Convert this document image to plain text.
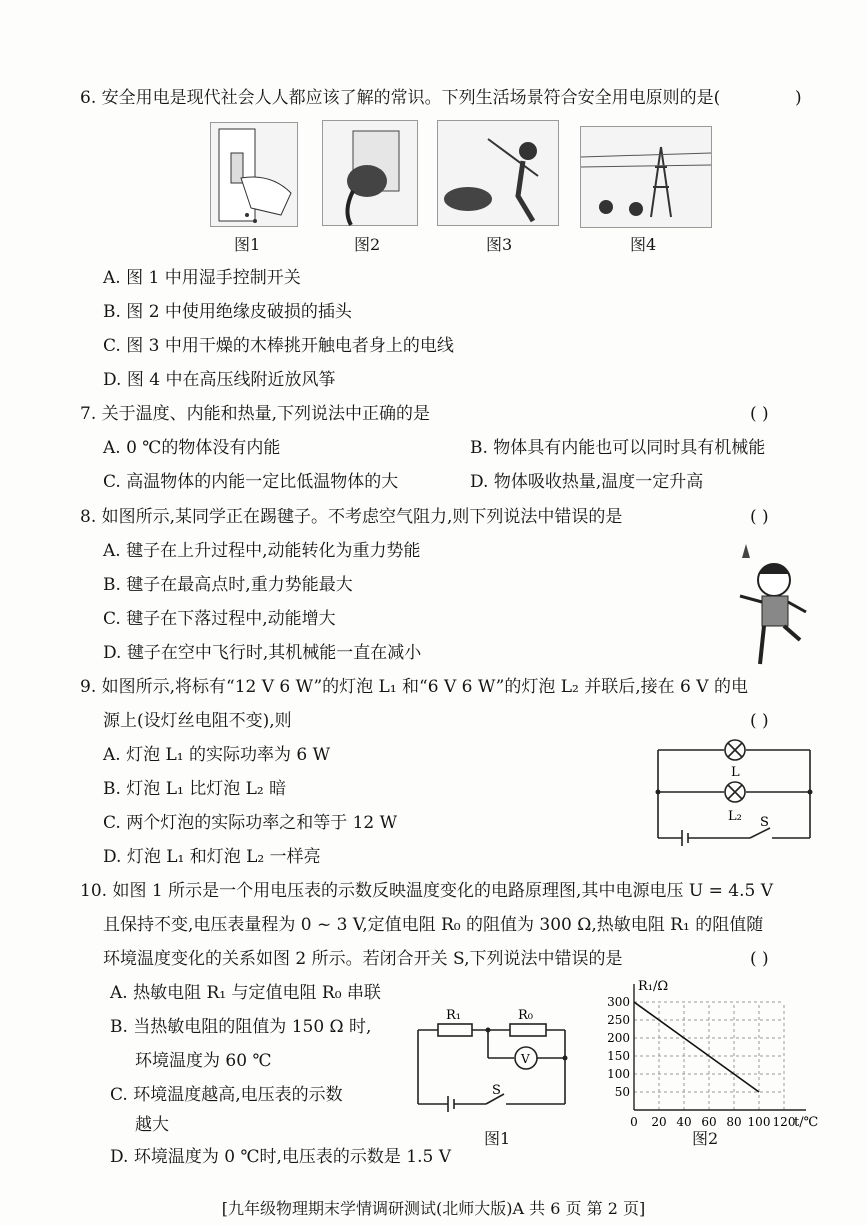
6. 安全用电是现代社会人人都应该了解的常识。下列生活场景符合安全用电原则的是(	)
图1	图2	图3	图4
A. 图 1 中用湿手控制开关
B. 图 2 中使用绝缘皮破损的插头
C. 图 3 中用干燥的木棒挑开触电者身上的电线
D. 图 4 中在高压线附近放风筝
7. 关于温度、内能和热量,下列说法中正确的是	( )
A. 0 ℃的物体没有内能	B. 物体具有内能也可以同时具有机械能
C. 高温物体的内能一定比低温物体的大	D. 物体吸收热量,温度一定升高
8. 如图所示,某同学正在踢毽子。不考虑空气阻力,则下列说法中错误的是	( )
A. 毽子在上升过程中,动能转化为重力势能
B. 毽子在最高点时,重力势能最大
C. 毽子在下落过程中,动能增大
D. 毽子在空中飞行时,其机械能一直在减小
9. 如图所示,将标有“12 V 6 W”的灯泡 L₁ 和“6 V 6 W”的灯泡 L₂ 并联后,接在 6 V 的电
源上(设灯丝电阻不变),则	( )
A. 灯泡 L₁ 的实际功率为 6 W
B. 灯泡 L₁ 比灯泡 L₂ 暗
C. 两个灯泡的实际功率之和等于 12 W
D. 灯泡 L₁ 和灯泡 L₂ 一样亮
L
L₂ S
10. 如图 1 所示是一个用电压表的示数反映温度变化的电路原理图,其中电源电压 U = 4.5 V
且保持不变,电压表量程为 0 ~ 3 V,定值电阻 R₀ 的阻值为 300 Ω,热敏电阻 R₁ 的阻值随
环境温度变化的关系如图 2 所示。若闭合开关 S,下列说法中错误的是	( )
A. 热敏电阻 R₁ 与定值电阻 R₀ 串联
B. 当热敏电阻的阻值为 150 Ω 时,
环境温度为 60 ℃
C. 环境温度越高,电压表的示数
越大
D. 环境温度为 0 ℃时,电压表的示数是 1.5 V
R₁	R₀
V
S
图1
50
100
150
200
250
300
0 20 40 60 80 100 120
R₁/Ω
t/℃
图2
[九年级物理期末学情调研测试(北师大版)A 共 6 页 第 2 页]
